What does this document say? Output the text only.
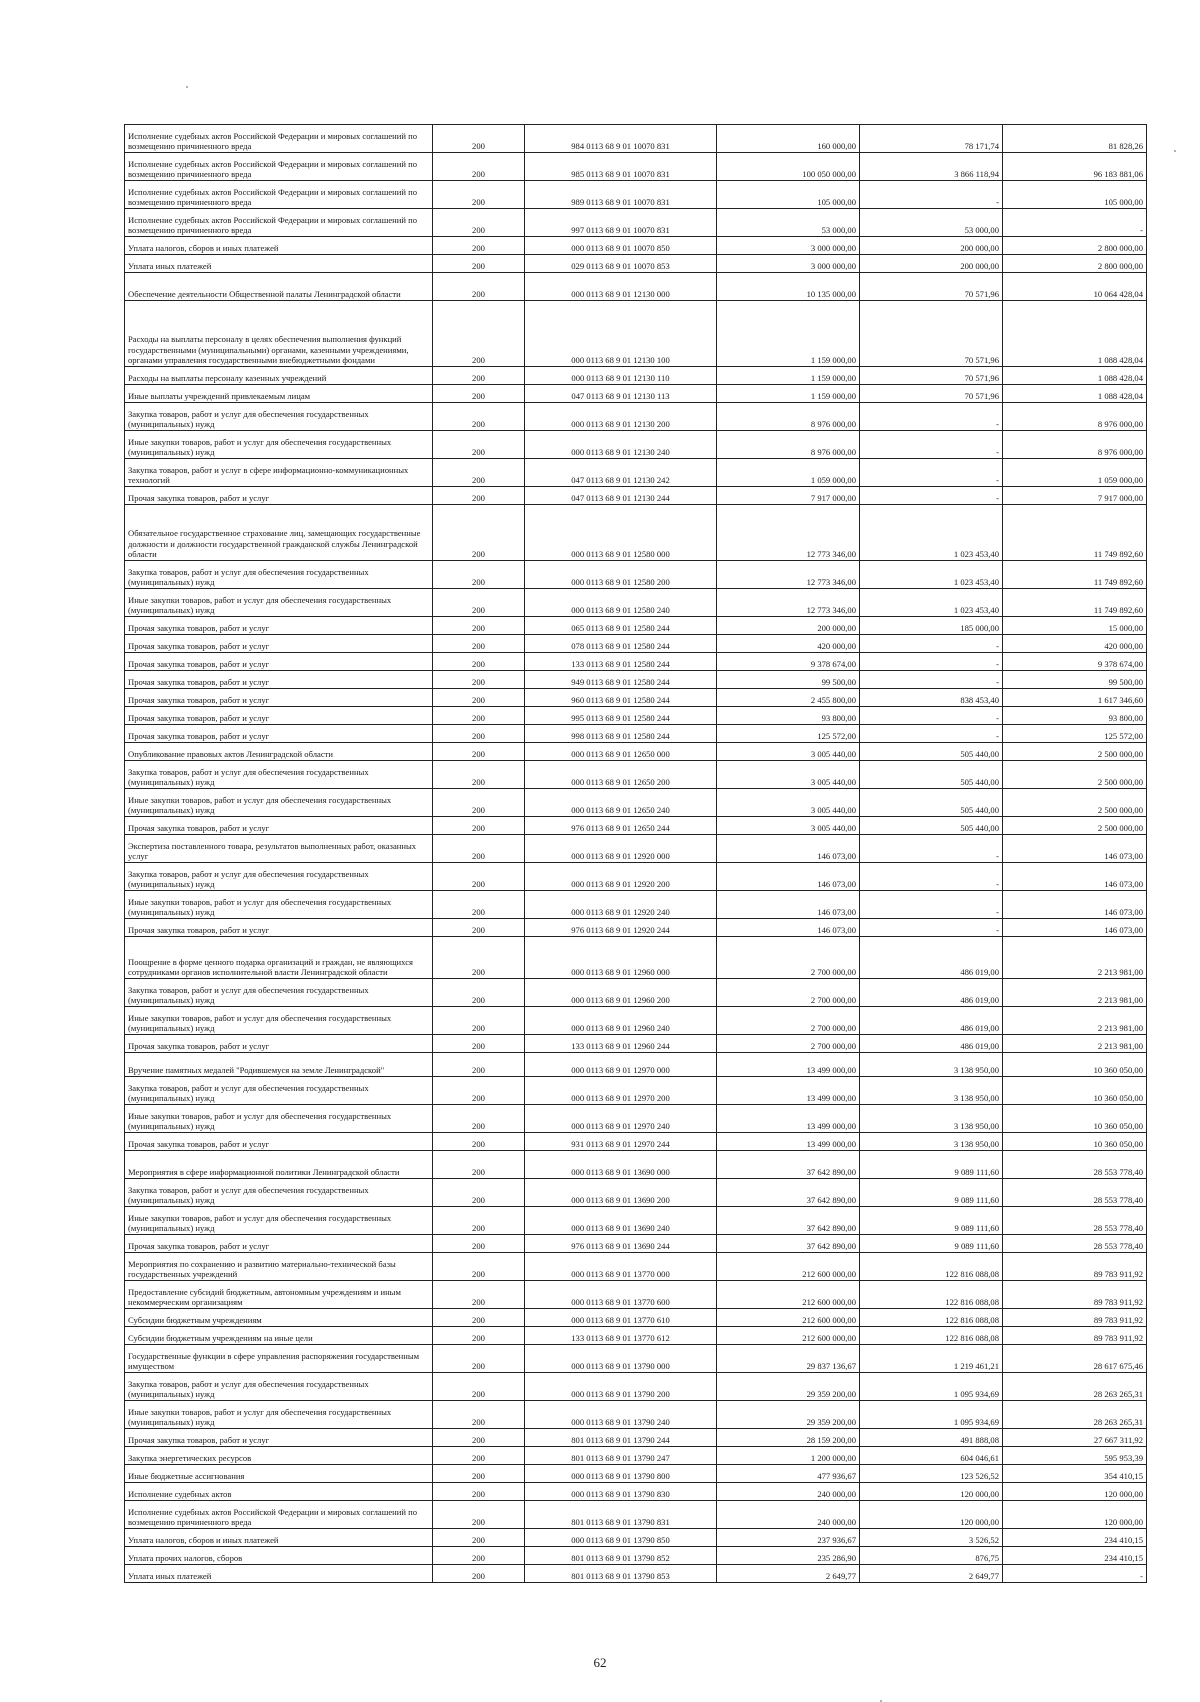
Исполнение судебных актов Российской Федерации и мировых соглашений по возмещению причиненного вреда	200	984 0113 68 9 01 10070 831	160 000,00	78 171,74	81 828,26
Исполнение судебных актов Российской Федерации и мировых соглашений по возмещению причиненного вреда	200	985 0113 68 9 01 10070 831	100 050 000,00	3 866 118,94	96 183 881,06
Исполнение судебных актов Российской Федерации и мировых соглашений по возмещению причиненного вреда	200	989 0113 68 9 01 10070 831	105 000,00	-	105 000,00
Исполнение судебных актов Российской Федерации и мировых соглашений по возмещению причиненного вреда	200	997 0113 68 9 01 10070 831	53 000,00	53 000,00	-
Уплата налогов, сборов и иных платежей	200	000 0113 68 9 01 10070 850	3 000 000,00	200 000,00	2 800 000,00
Уплата иных платежей	200	029 0113 68 9 01 10070 853	3 000 000,00	200 000,00	2 800 000,00
Обеспечение деятельности Общественной палаты Ленинградской области	200	000 0113 68 9 01 12130 000	10 135 000,00	70 571,96	10 064 428,04
Расходы на выплаты персоналу в целях обеспечения выполнения функций государственными (муниципальными) органами, казенными учреждениями, органами управления государственными внебюджетными фондами	200	000 0113 68 9 01 12130 100	1 159 000,00	70 571,96	1 088 428,04
Расходы на выплаты персоналу казенных учреждений	200	000 0113 68 9 01 12130 110	1 159 000,00	70 571,96	1 088 428,04
Иные выплаты учреждений привлекаемым лицам	200	047 0113 68 9 01 12130 113	1 159 000,00	70 571,96	1 088 428,04
Закупка товаров, работ и услуг для обеспечения государственных (муниципальных) нужд	200	000 0113 68 9 01 12130 200	8 976 000,00	-	8 976 000,00
Иные закупки товаров, работ и услуг для обеспечения государственных (муниципальных) нужд	200	000 0113 68 9 01 12130 240	8 976 000,00	-	8 976 000,00
Закупка товаров, работ и услуг в сфере информационно-коммуникационных технологий	200	047 0113 68 9 01 12130 242	1 059 000,00	-	1 059 000,00
Прочая закупка товаров, работ и услуг	200	047 0113 68 9 01 12130 244	7 917 000,00	-	7 917 000,00
Обязательное государственное страхование лиц, замещающих государственные должности и должности государственной гражданской службы Ленинградской области	200	000 0113 68 9 01 12580 000	12 773 346,00	1 023 453,40	11 749 892,60
Закупка товаров, работ и услуг для обеспечения государственных (муниципальных) нужд	200	000 0113 68 9 01 12580 200	12 773 346,00	1 023 453,40	11 749 892,60
Иные закупки товаров, работ и услуг для обеспечения государственных (муниципальных) нужд	200	000 0113 68 9 01 12580 240	12 773 346,00	1 023 453,40	11 749 892,60
Прочая закупка товаров, работ и услуг	200	065 0113 68 9 01 12580 244	200 000,00	185 000,00	15 000,00
Прочая закупка товаров, работ и услуг	200	078 0113 68 9 01 12580 244	420 000,00	-	420 000,00
Прочая закупка товаров, работ и услуг	200	133 0113 68 9 01 12580 244	9 378 674,00	-	9 378 674,00
Прочая закупка товаров, работ и услуг	200	949 0113 68 9 01 12580 244	99 500,00	-	99 500,00
Прочая закупка товаров, работ и услуг	200	960 0113 68 9 01 12580 244	2 455 800,00	838 453,40	1 617 346,60
Прочая закупка товаров, работ и услуг	200	995 0113 68 9 01 12580 244	93 800,00	-	93 800,00
Прочая закупка товаров, работ и услуг	200	998 0113 68 9 01 12580 244	125 572,00	-	125 572,00
Опубликование правовых актов Ленинградской области	200	000 0113 68 9 01 12650 000	3 005 440,00	505 440,00	2 500 000,00
Закупка товаров, работ и услуг для обеспечения государственных (муниципальных) нужд	200	000 0113 68 9 01 12650 200	3 005 440,00	505 440,00	2 500 000,00
Иные закупки товаров, работ и услуг для обеспечения государственных (муниципальных) нужд	200	000 0113 68 9 01 12650 240	3 005 440,00	505 440,00	2 500 000,00
Прочая закупка товаров, работ и услуг	200	976 0113 68 9 01 12650 244	3 005 440,00	505 440,00	2 500 000,00
Экспертиза поставленного товара, результатов выполненных работ, оказанных услуг	200	000 0113 68 9 01 12920 000	146 073,00	-	146 073,00
Закупка товаров, работ и услуг для обеспечения государственных (муниципальных) нужд	200	000 0113 68 9 01 12920 200	146 073,00	-	146 073,00
Иные закупки товаров, работ и услуг для обеспечения государственных (муниципальных) нужд	200	000 0113 68 9 01 12920 240	146 073,00	-	146 073,00
Прочая закупка товаров, работ и услуг	200	976 0113 68 9 01 12920 244	146 073,00	-	146 073,00
Поощрение в форме ценного подарка организаций и граждан, не являющихся сотрудниками органов исполнительной власти Ленинградской области	200	000 0113 68 9 01 12960 000	2 700 000,00	486 019,00	2 213 981,00
Закупка товаров, работ и услуг для обеспечения государственных (муниципальных) нужд	200	000 0113 68 9 01 12960 200	2 700 000,00	486 019,00	2 213 981,00
Иные закупки товаров, работ и услуг для обеспечения государственных (муниципальных) нужд	200	000 0113 68 9 01 12960 240	2 700 000,00	486 019,00	2 213 981,00
Прочая закупка товаров, работ и услуг	200	133 0113 68 9 01 12960 244	2 700 000,00	486 019,00	2 213 981,00
Вручение памятных медалей "Родившемуся на земле Ленинградской"	200	000 0113 68 9 01 12970 000	13 499 000,00	3 138 950,00	10 360 050,00
Закупка товаров, работ и услуг для обеспечения государственных (муниципальных) нужд	200	000 0113 68 9 01 12970 200	13 499 000,00	3 138 950,00	10 360 050,00
Иные закупки товаров, работ и услуг для обеспечения государственных (муниципальных) нужд	200	000 0113 68 9 01 12970 240	13 499 000,00	3 138 950,00	10 360 050,00
Прочая закупка товаров, работ и услуг	200	931 0113 68 9 01 12970 244	13 499 000,00	3 138 950,00	10 360 050,00
Мероприятия в сфере информационной политики Ленинградской области	200	000 0113 68 9 01 13690 000	37 642 890,00	9 089 111,60	28 553 778,40
Закупка товаров, работ и услуг для обеспечения государственных (муниципальных) нужд	200	000 0113 68 9 01 13690 200	37 642 890,00	9 089 111,60	28 553 778,40
Иные закупки товаров, работ и услуг для обеспечения государственных (муниципальных) нужд	200	000 0113 68 9 01 13690 240	37 642 890,00	9 089 111,60	28 553 778,40
Прочая закупка товаров, работ и услуг	200	976 0113 68 9 01 13690 244	37 642 890,00	9 089 111,60	28 553 778,40
Мероприятия по сохранению и развитию материально-технической базы государственных учреждений	200	000 0113 68 9 01 13770 000	212 600 000,00	122 816 088,08	89 783 911,92
Предоставление субсидий бюджетным, автономным учреждениям и иным некоммерческим организациям	200	000 0113 68 9 01 13770 600	212 600 000,00	122 816 088,08	89 783 911,92
Субсидии бюджетным учреждениям	200	000 0113 68 9 01 13770 610	212 600 000,00	122 816 088,08	89 783 911,92
Субсидии бюджетным учреждениям на иные цели	200	133 0113 68 9 01 13770 612	212 600 000,00	122 816 088,08	89 783 911,92
Государственные функции в сфере управления распоряжения государственным имуществом	200	000 0113 68 9 01 13790 000	29 837 136,67	1 219 461,21	28 617 675,46
Закупка товаров, работ и услуг для обеспечения государственных (муниципальных) нужд	200	000 0113 68 9 01 13790 200	29 359 200,00	1 095 934,69	28 263 265,31
Иные закупки товаров, работ и услуг для обеспечения государственных (муниципальных) нужд	200	000 0113 68 9 01 13790 240	29 359 200,00	1 095 934,69	28 263 265,31
Прочая закупка товаров, работ и услуг	200	801 0113 68 9 01 13790 244	28 159 200,00	491 888,08	27 667 311,92
Закупка энергетических ресурсов	200	801 0113 68 9 01 13790 247	1 200 000,00	604 046,61	595 953,39
Иные бюджетные ассигнования	200	000 0113 68 9 01 13790 800	477 936,67	123 526,52	354 410,15
Исполнение судебных актов	200	000 0113 68 9 01 13790 830	240 000,00	120 000,00	120 000,00
Исполнение судебных актов Российской Федерации и мировых соглашений по возмещению причиненного вреда	200	801 0113 68 9 01 13790 831	240 000,00	120 000,00	120 000,00
Уплата налогов, сборов и иных платежей	200	000 0113 68 9 01 13790 850	237 936,67	3 526,52	234 410,15
Уплата прочих налогов, сборов	200	801 0113 68 9 01 13790 852	235 286,90	876,75	234 410,15
Уплата иных платежей	200	801 0113 68 9 01 13790 853	2 649,77	2 649,77	-
62
